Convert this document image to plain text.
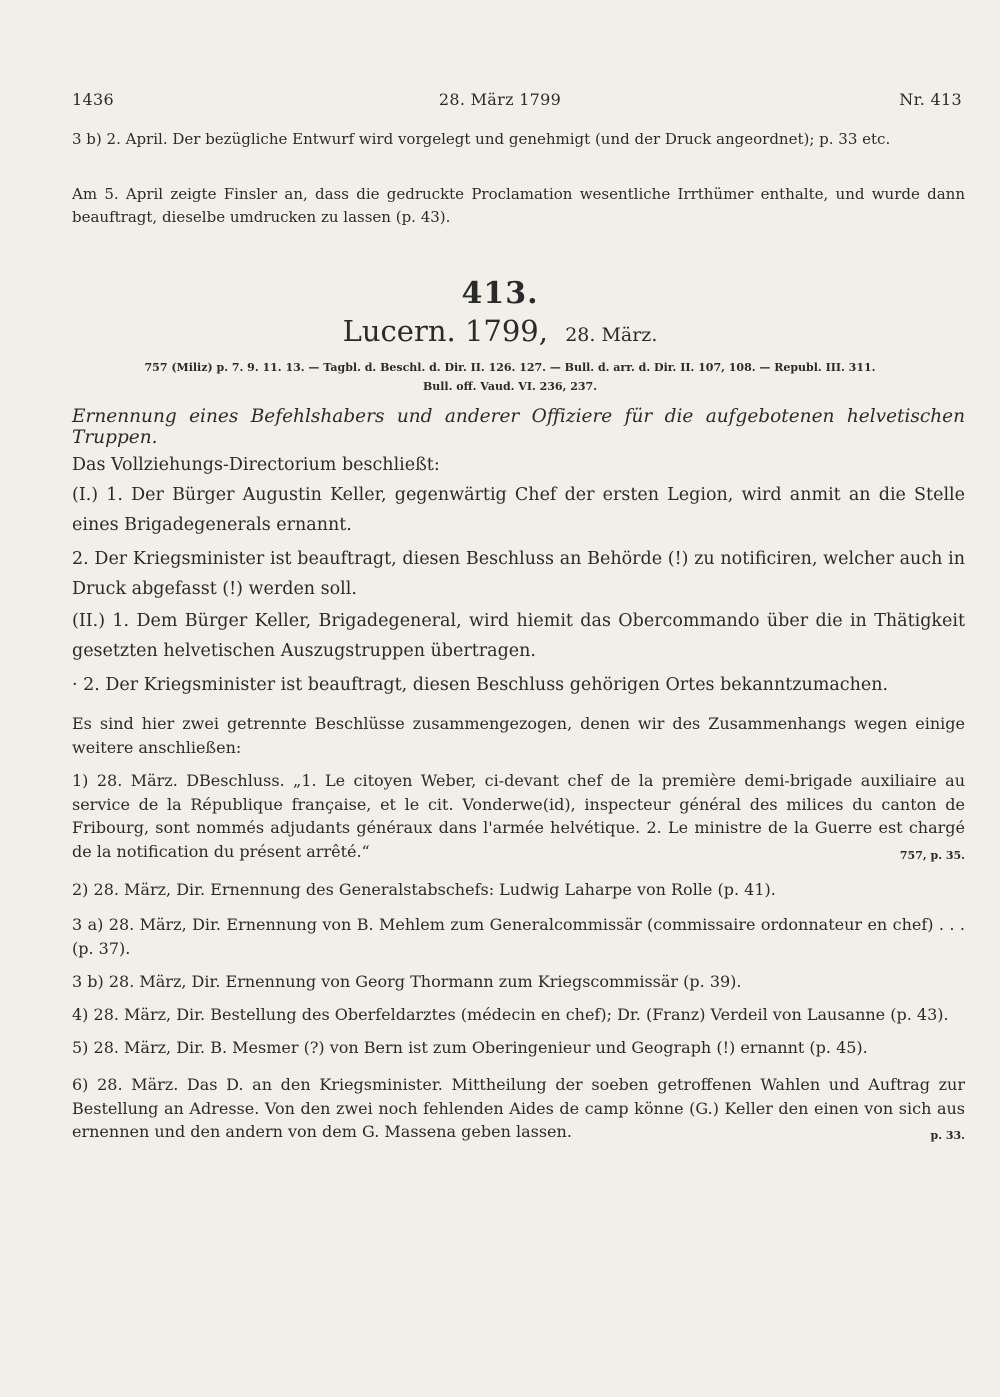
1436	28. März 1799	Nr. 413

3 b) 2. April. Der bezügliche Entwurf wird vorgelegt und genehmigt (und der Druck angeordnet); p. 33 etc.

Am 5. April zeigte Finsler an, dass die gedruckte Proclamation wesentliche Irrthümer enthalte, und wurde dann beauftragt, dieselbe umdrucken zu lassen (p. 43).

413.
Lucern. 1799, 28. März.
757 (Miliz) p. 7. 9. 11. 13. — Tagbl. d. Beschl. d. Dir. II. 126. 127. — Bull. d. arr. d. Dir. II. 107, 108. — Republ. III. 311.
Bull. off. Vaud. VI. 236, 237.
Ernennung eines Befehlshabers und anderer Offiziere für die aufgebotenen helvetischen Truppen.

Das Vollziehungs-Directorium beschließt:

(I.) 1. Der Bürger Augustin Keller, gegenwärtig Chef der ersten Legion, wird anmit an die Stelle eines Brigadegenerals ernannt.

2. Der Kriegsminister ist beauftragt, diesen Beschluss an Behörde (!) zu notificiren, welcher auch in Druck abgefasst (!) werden soll.

(II.) 1. Dem Bürger Keller, Brigadegeneral, wird hiemit das Obercommando über die in Thätigkeit gesetzten helvetischen Auszugstruppen übertragen.

· 2. Der Kriegsminister ist beauftragt, diesen Beschluss gehörigen Ortes bekanntzumachen.

Es sind hier zwei getrennte Beschlüsse zusammengezogen, denen wir des Zusammenhangs wegen einige weitere anschließen:

1) 28. März. DBeschluss. „1. Le citoyen Weber, ci-devant chef de la première demi-brigade auxiliaire au service de la République française, et le cit. Vonderwe(id), inspecteur général des milices du canton de Fribourg, sont nommés adjudants généraux dans l'armée helvétique. 2. Le ministre de la Guerre est chargé de la notification du présent arrêté.“	757, p. 35.

2) 28. März, Dir. Ernennung des Generalstabschefs: Ludwig Laharpe von Rolle (p. 41).

3 a) 28. März, Dir. Ernennung von B. Mehlem zum Generalcommissär (commissaire ordonnateur en chef) . . . (p. 37).

3 b) 28. März, Dir. Ernennung von Georg Thormann zum Kriegscommissär (p. 39).

4) 28. März, Dir. Bestellung des Oberfeldarztes (médecin en chef); Dr. (Franz) Verdeil von Lausanne (p. 43).

5) 28. März, Dir. B. Mesmer (?) von Bern ist zum Oberingenieur und Geograph (!) ernannt (p. 45).

6) 28. März. Das D. an den Kriegsminister. Mittheilung der soeben getroffenen Wahlen und Auftrag zur Bestellung an Adresse. Von den zwei noch fehlenden Aides de camp könne (G.) Keller den einen von sich aus ernennen und den andern von dem G. Massena geben lassen.	p. 33.
